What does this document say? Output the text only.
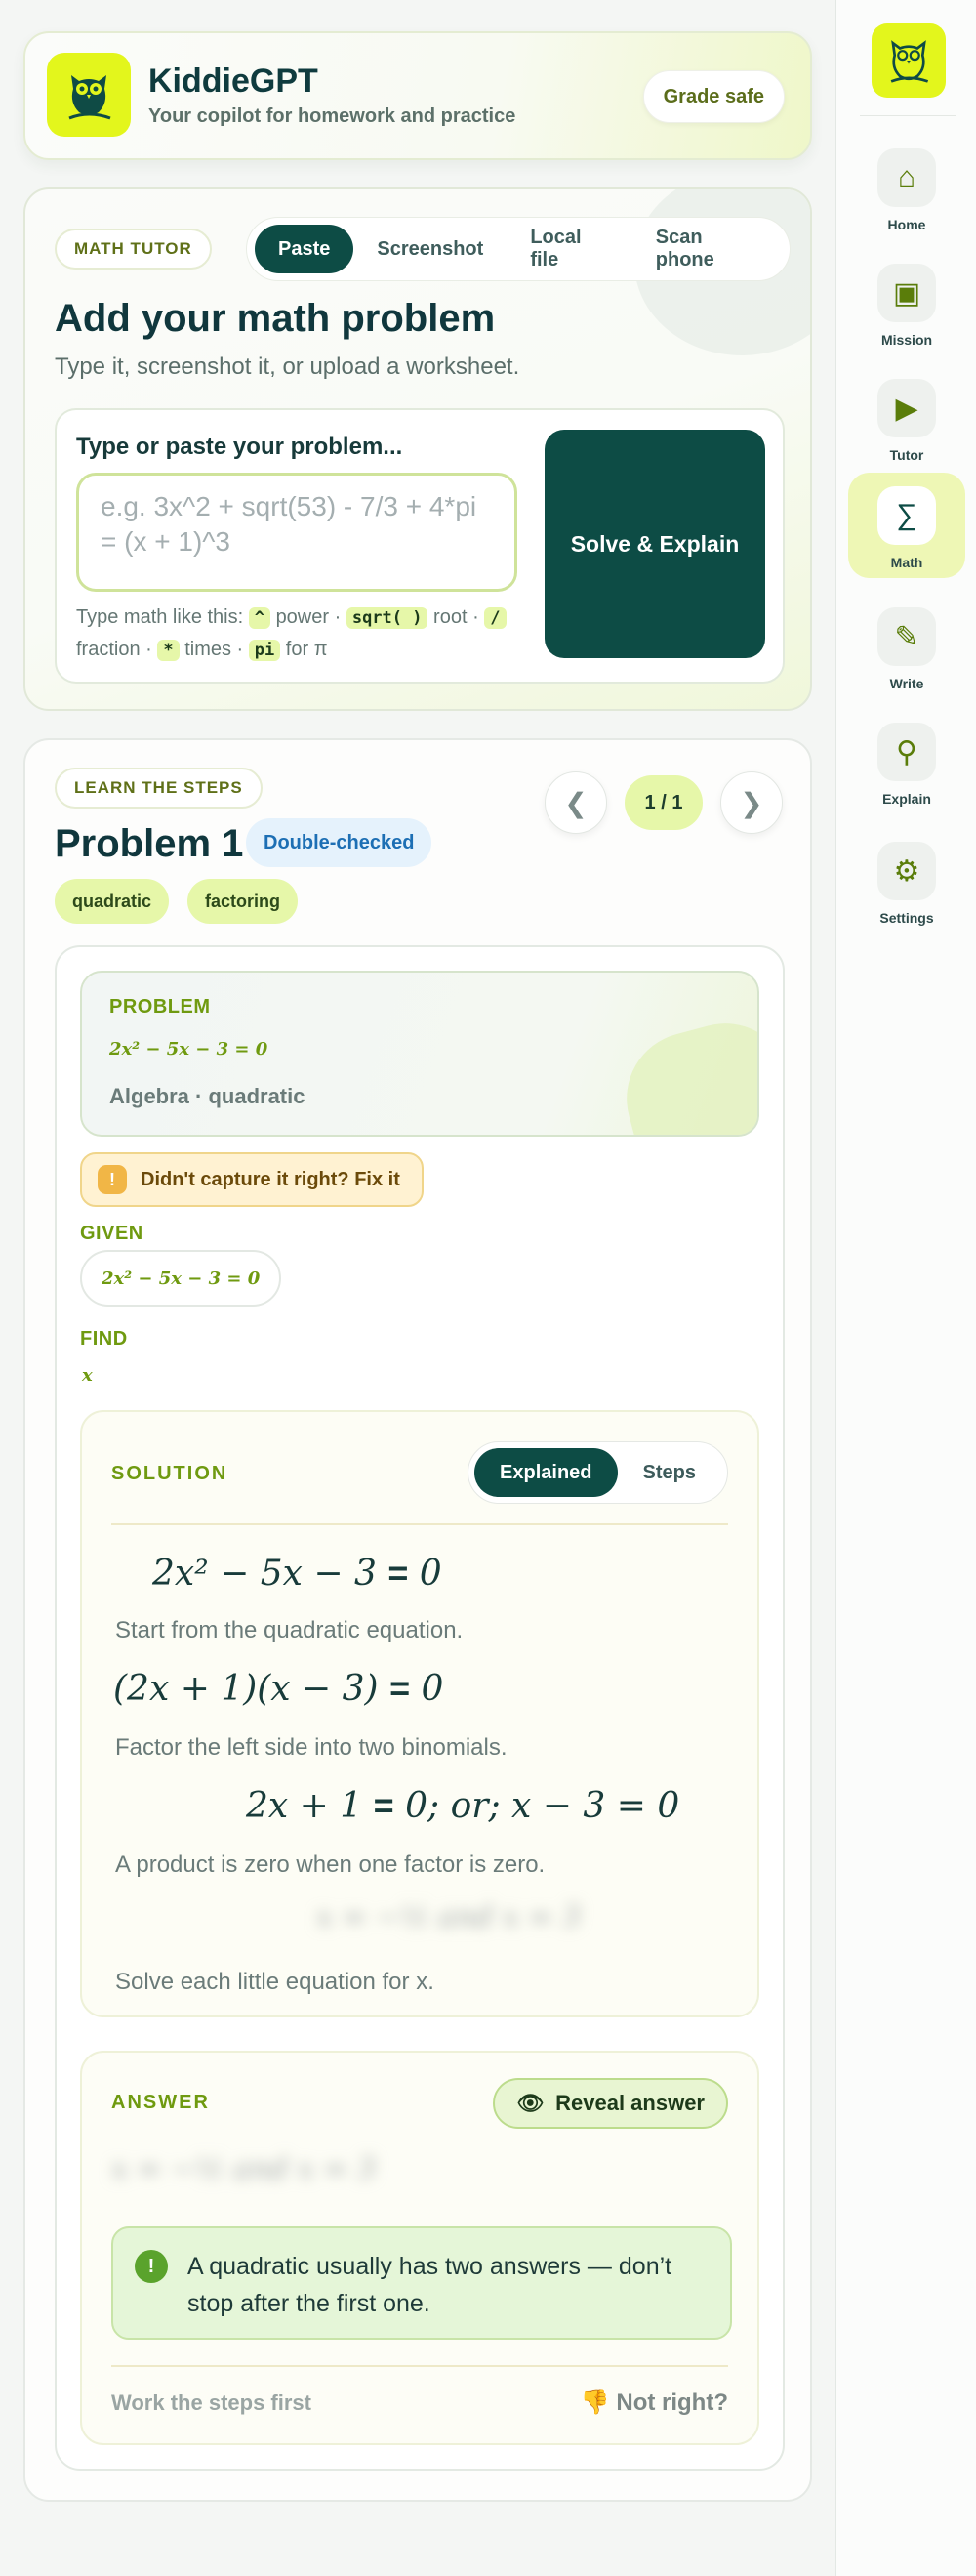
KiddieGPT
Your copilot for homework and practice
Grade safe
MATH TUTOR	Paste	Screenshot
Local file
Scan phone
Add your math problem
Type it, screenshot it, or upload a worksheet.
Type or paste your problem...
e.g. 3x^2 + sqrt(53) - 7/3 + 4*pi = (x + 1)^3
Type math like this: ^ power · sqrt( ) root · / fraction · * times · pi for π
Solve & Explain
LEARN THE STEPS	❮	1 / 1	❯
Problem 1	Double-checked
quadratic	factoring
PROBLEM
2x² − 5x − 3 = 0
Algebra · quadratic
!	Didn't capture it right? Fix it
GIVEN
2x² − 5x − 3 = 0
FIND
x
SOLUTION	Explained	Steps
2x² − 5x − 3 = 0
Start from the quadratic equation.
(2x + 1)(x − 3) = 0
Factor the left side into two binomials.
2x + 1 = 0; or; x − 3 = 0
A product is zero when one factor is zero.
x = −½ and x = 3
Solve each little equation for x.
ANSWER	👁 Reveal answer
x = −½ and x = 3
!	A quadratic usually has two answers — don’t stop after the first one.
Work the steps first	👎 Not right?
⌂
Home
▣
Mission
▶
Tutor
∑
Math
✎
Write
⚲
Explain
⚙
Settings
